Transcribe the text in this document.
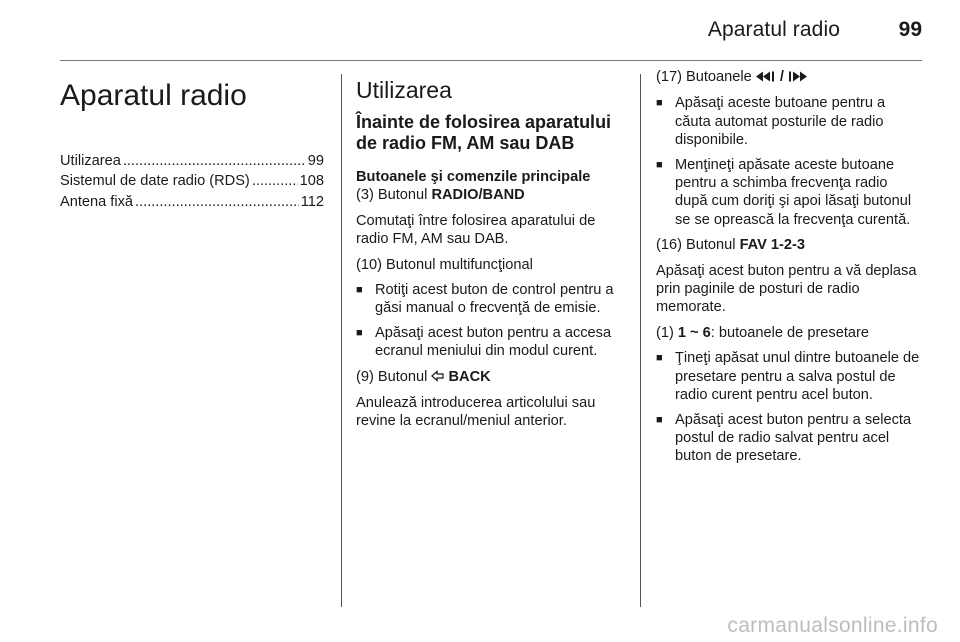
Aparatul radio	99
Aparatul radio
Utilizarea .....	99
Sistemul de date radio (RDS) .....	108
Antena fixă .....	112
Utilizarea
Înainte de folosirea aparatului de radio FM, AM sau DAB
Butoanele şi comenzile principale

(3) Butonul RADIO/BAND

Comutaţi între folosirea aparatului de radio FM, AM sau DAB.

(10) Butonul multifuncţional

■ Rotiţi acest buton de control pentru a găsi manual o frecvenţă de emisie.
■ Apăsaţi acest buton pentru a accesa ecranul meniului din modul curent.

(9) Butonul  BACK

Anulează introducerea articolului sau revine la ecranul/meniul anterior.

(17) Butoanele  /

■ Apăsaţi aceste butoane pentru a căuta automat posturile de radio disponibile.
■ Menţineţi apăsate aceste butoane pentru a schimba frecvenţa radio după cum doriţi şi apoi lăsaţi butonul se se oprească la frecvenţa curentă.

(16) Butonul FAV 1-2-3

Apăsaţi acest buton pentru a vă deplasa prin paginile de posturi de radio memorate.

(1) 1 ~ 6: butoanele de presetare

■ Ţineţi apăsat unul dintre butoanele de presetare pentru a salva postul de radio curent pentru acel buton.
■ Apăsaţi acest buton pentru a selecta postul de radio salvat pentru acel buton de presetare.
carmanualsonline.info
